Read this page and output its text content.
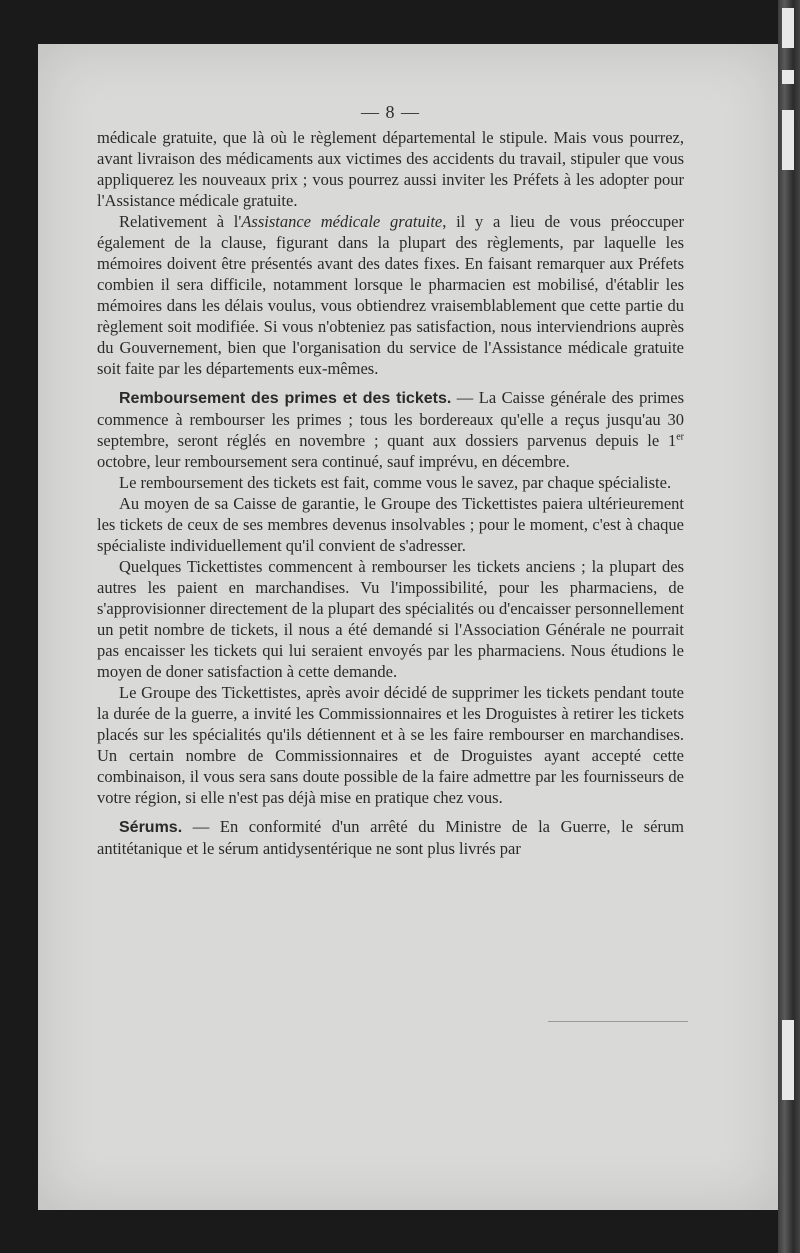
— 8 —

médicale gratuite, que là où le règlement départemental le stipule. Mais vous pourrez, avant livraison des médicaments aux victimes des accidents du travail, stipuler que vous appliquerez les nouveaux prix ; vous pourrez aussi inviter les Préfets à les adopter pour l'Assistance médicale gratuite.

Relativement à l'Assistance médicale gratuite, il y a lieu de vous préoccuper également de la clause, figurant dans la plupart des règlements, par laquelle les mémoires doivent être présentés avant des dates fixes. En faisant remarquer aux Préfets combien il sera difficile, notamment lorsque le pharmacien est mobilisé, d'établir les mémoires dans les délais voulus, vous obtiendrez vraisemblablement que cette partie du règlement soit modifiée. Si vous n'obteniez pas satisfaction, nous interviendrions auprès du Gouvernement, bien que l'organisation du service de l'Assistance médicale gratuite soit faite par les départements eux-mêmes.

Remboursement des primes et des tickets. — La Caisse générale des primes commence à rembourser les primes ; tous les bordereaux qu'elle a reçus jusqu'au 30 septembre, seront réglés en novembre ; quant aux dossiers parvenus depuis le 1er octobre, leur remboursement sera continué, sauf imprévu, en décembre.

Le remboursement des tickets est fait, comme vous le savez, par chaque spécialiste.

Au moyen de sa Caisse de garantie, le Groupe des Tickettistes paiera ultérieurement les tickets de ceux de ses membres devenus insolvables ; pour le moment, c'est à chaque spécialiste individuellement qu'il convient de s'adresser.

Quelques Tickettistes commencent à rembourser les tickets anciens ; la plupart des autres les paient en marchandises. Vu l'impossibilité, pour les pharmaciens, de s'approvisionner directement de la plupart des spécialités ou d'encaisser personnellement un petit nombre de tickets, il nous a été demandé si l'Association Générale ne pourrait pas encaisser les tickets qui lui seraient envoyés par les pharmaciens. Nous étudions le moyen de doner satisfaction à cette demande.

Le Groupe des Tickettistes, après avoir décidé de supprimer les tickets pendant toute la durée de la guerre, a invité les Commissionnaires et les Droguistes à retirer les tickets placés sur les spécialités qu'ils détiennent et à se les faire rembourser en marchandises. Un certain nombre de Commissionnaires et de Droguistes ayant accepté cette combinaison, il vous sera sans doute possible de la faire admettre par les fournisseurs de votre région, si elle n'est pas déjà mise en pratique chez vous.

Sérums. — En conformité d'un arrêté du Ministre de la Guerre, le sérum antitétanique et le sérum antidysentérique ne sont plus livrés par
